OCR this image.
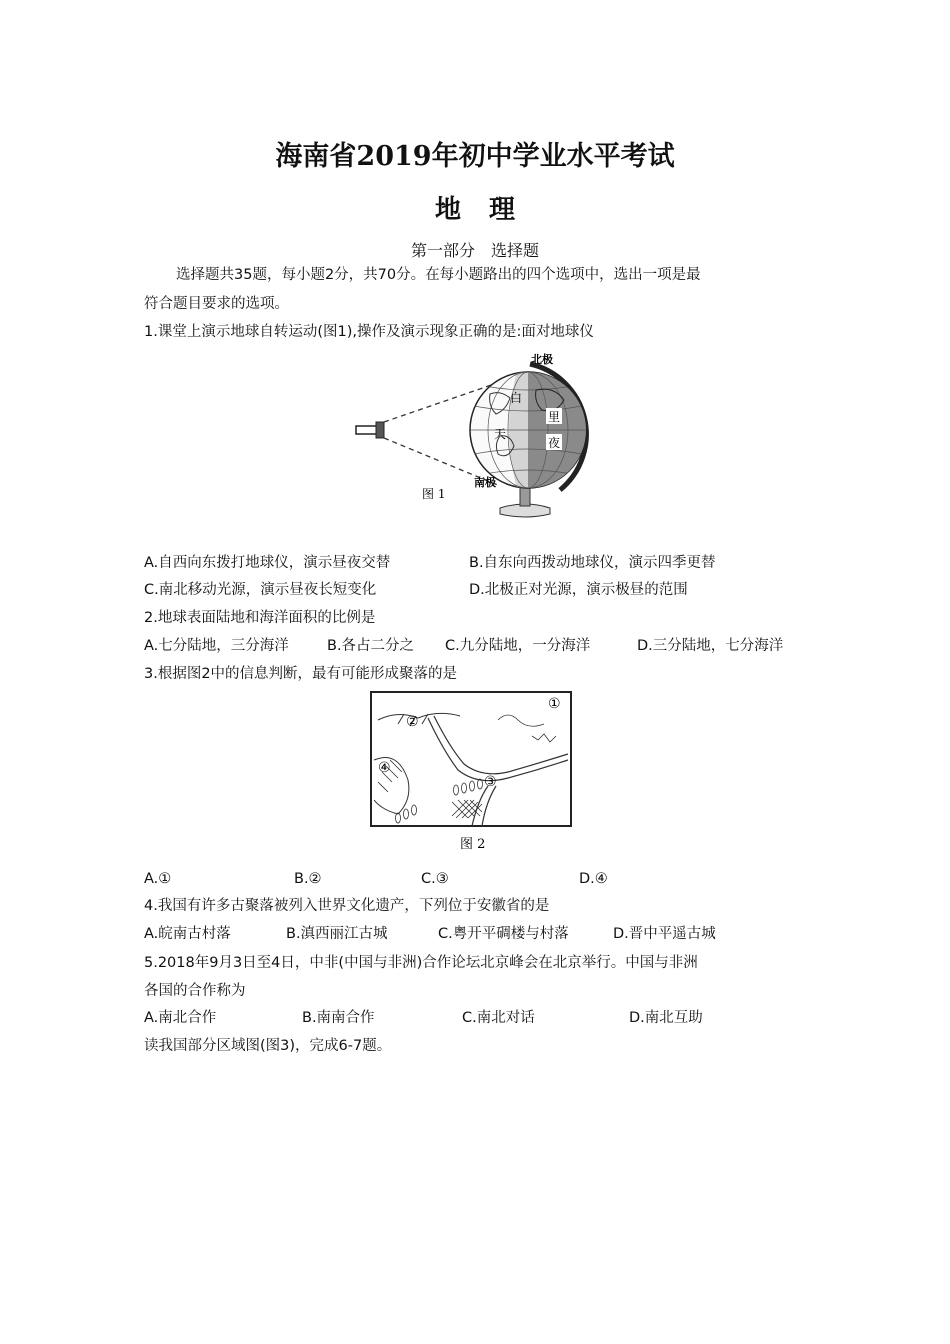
海南省2019年初中学业水平考试
地理
第一部分　选择题
选择题共35题，每小题2分，共70分。在每小题路出的四个选项中，选出一项是最
符合题目要求的选项。
1.课堂上演示地球自转运动(图1),操作及演示现象正确的是:面对地球仪
北极
白
天
里
夜
南极
图 1
A.自西向东拨打地球仪，演示昼夜交替	B.自东向西拨动地球仪，演示四季更替
C.南北移动光源，演示昼夜长短变化	D.北极正对光源，演示极昼的范围
2.地球表面陆地和海洋面积的比例是
A.七分陆地，三分海洋	B.各占二分之 C.九分陆地，一分海洋	D.三分陆地，七分海洋
3.根据图2中的信息判断，最有可能形成聚落的是
①
②
③
④
图 2
A.①	B.②	C.③	D.④
4.我国有许多古聚落被列入世界文化遗产，下列位于安徽省的是
A.皖南古村落	B.滇西丽江古城	C.粤开平碉楼与村落	D.晋中平遥古城
5.2018年9月3日至4日，中非(中国与非洲)合作论坛北京峰会在北京举行。中国与非洲
各国的合作称为
A.南北合作	B.南南合作	C.南北对话	D.南北互助
读我国部分区域图(图3)，完成6-7题。
